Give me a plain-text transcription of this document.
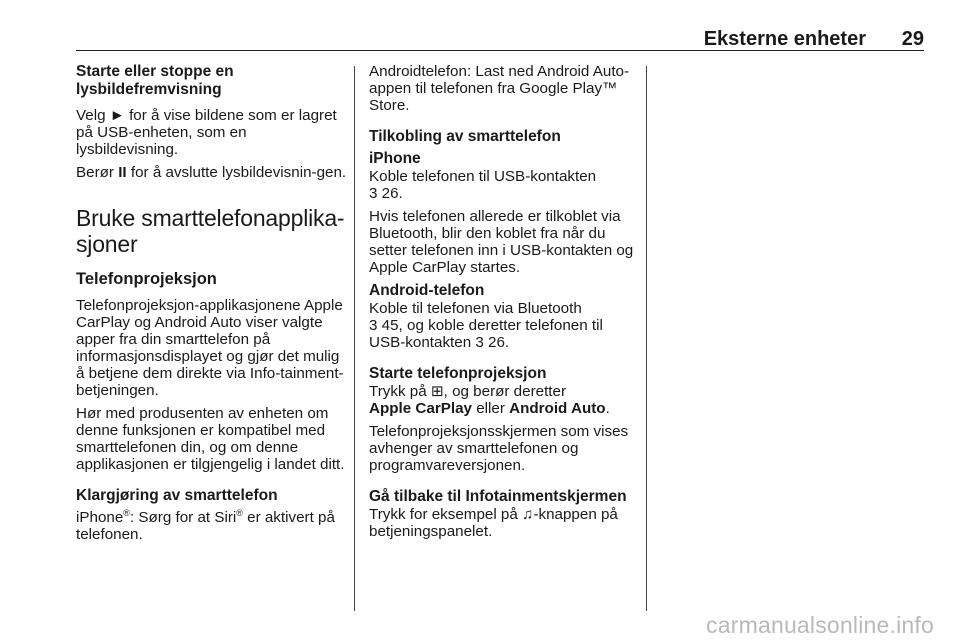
Eksterne enheter 29
Starte eller stoppe en
lysbildefremvisning

Velg ► for å vise bildene som er lagret på USB-enheten, som en lysbildevisning.

Berør II for å avslutte lysbildevisnin-gen.

Bruke smarttelefonapplika-sjoner
Telefonprojeksjon

Telefonprojeksjon-applikasjonene Apple CarPlay og Android Auto viser valgte apper fra din smarttelefon på informasjonsdisplayet og gjør det mulig å betjene dem direkte via Info-tainment-betjeningen.

Hør med produsenten av enheten om denne funksjonen er kompatibel med smarttelefonen din, og om denne applikasjonen er tilgjengelig i landet ditt.

Klargjøring av smarttelefon

iPhone®: Sørg for at Siri® er aktivert på telefonen.

Androidtelefon: Last ned Android Auto-appen til telefonen fra Google Play™ Store.

Tilkobling av smarttelefon
iPhone

Koble telefonen til USB-kontakten
3 26.

Hvis telefonen allerede er tilkoblet via Bluetooth, blir den koblet fra når du setter telefonen inn i USB-kontakten og Apple CarPlay startes.

Android-telefon

Koble til telefonen via Bluetooth
3 45, og koble deretter telefonen til USB-kontakten 3 26.

Starte telefonprojeksjon

Trykk på ⊞, og berør deretter
Apple CarPlay eller Android Auto.

Telefonprojeksjonsskjermen som vises avhenger av smarttelefonen og programvareversjonen.

Gå tilbake til Infotainmentskjermen

Trykk for eksempel på ♫-knappen på betjeningspanelet.

carmanualsonline.info
